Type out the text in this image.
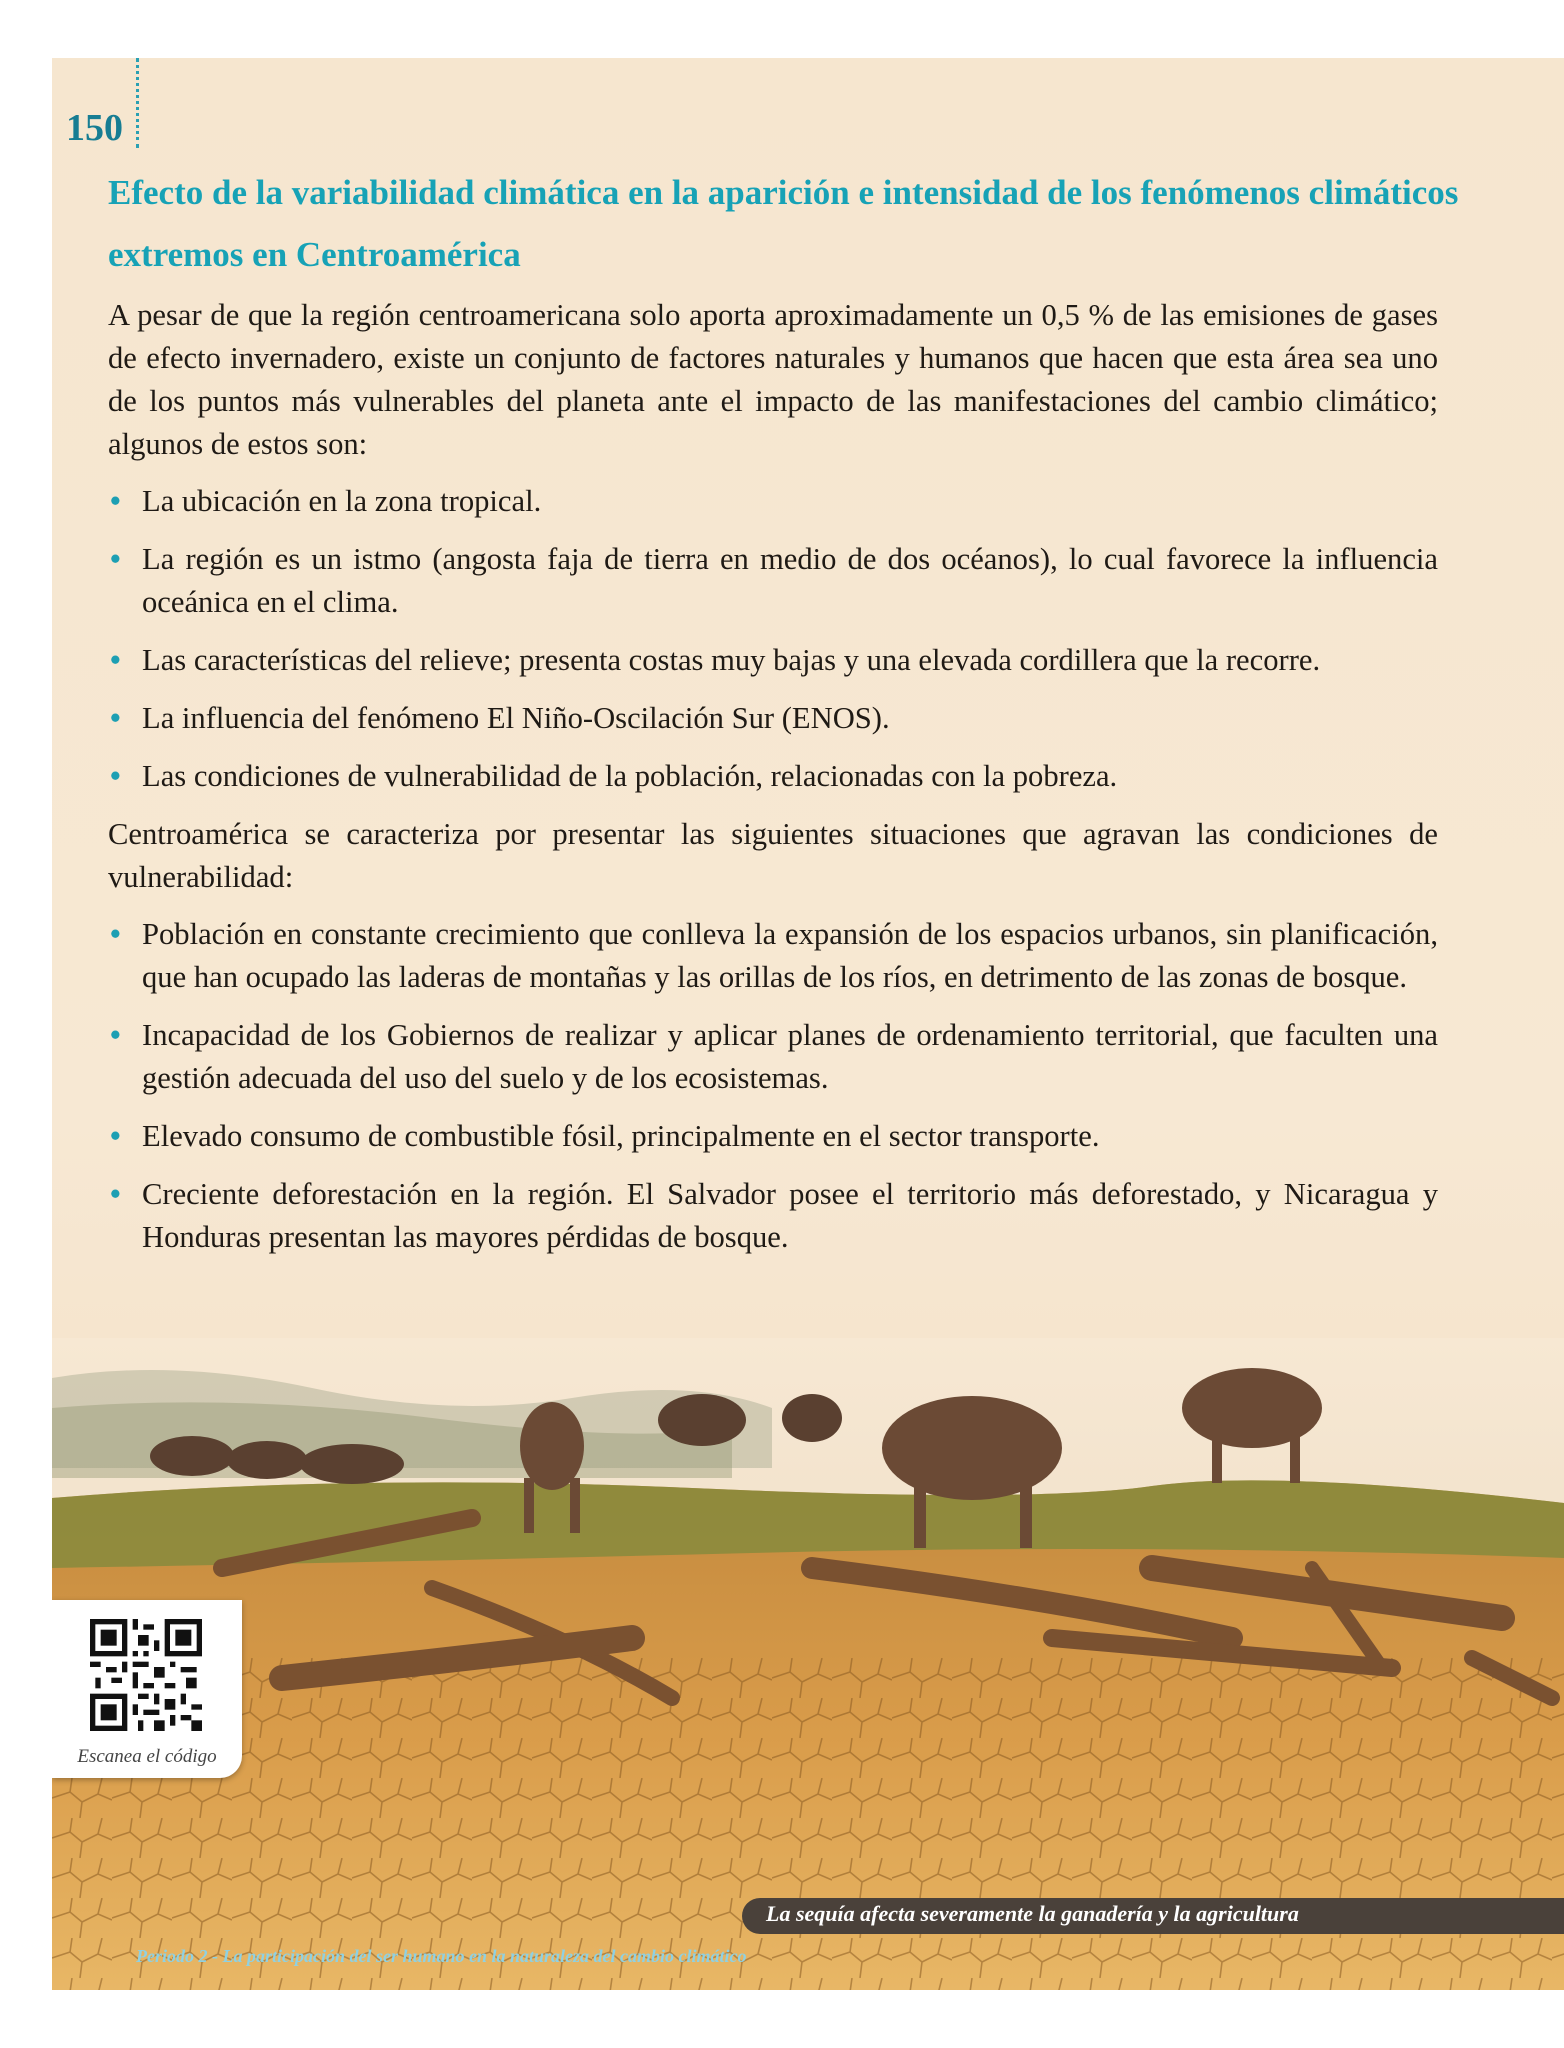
150
Efecto de la variabilidad climática en la aparición e intensidad de los fenómenos climáticos extremos en Centroamérica

A pesar de que la región centroamericana solo aporta aproximadamente un 0,5 % de las emisiones de gases de efecto invernadero, existe un conjunto de factores naturales y humanos que hacen que esta área sea uno de los puntos más vulnerables del planeta ante el impacto de las manifestaciones del cambio climático; algunos de estos son:

• La ubicación en la zona tropical.
• La región es un istmo (angosta faja de tierra en medio de dos océanos), lo cual favorece la influencia oceánica en el clima.
• Las características del relieve; presenta costas muy bajas y una elevada cordillera que la recorre.
• La influencia del fenómeno El Niño-Oscilación Sur (ENOS).
• Las condiciones de vulnerabilidad de la población, relacionadas con la pobreza.

Centroamérica se caracteriza por presentar las siguientes situaciones que agravan las condiciones de vulnerabilidad:

• Población en constante crecimiento que conlleva la expansión de los espacios urbanos, sin planificación, que han ocupado las laderas de montañas y las orillas de los ríos, en detrimento de las zonas de bosque.
• Incapacidad de los Gobiernos de realizar y aplicar planes de ordenamiento territorial, que faculten una gestión adecuada del uso del suelo y de los ecosistemas.
• Elevado consumo de combustible fósil, principalmente en el sector transporte.
• Creciente deforestación en la región. El Salvador posee el territorio más deforestado, y Nicaragua y Honduras presentan las mayores pérdidas de bosque.
Escanea el código
La sequía afecta severamente la ganadería y la agricultura
Periodo 2 - La participación del ser humano en la naturaleza del cambio climático
